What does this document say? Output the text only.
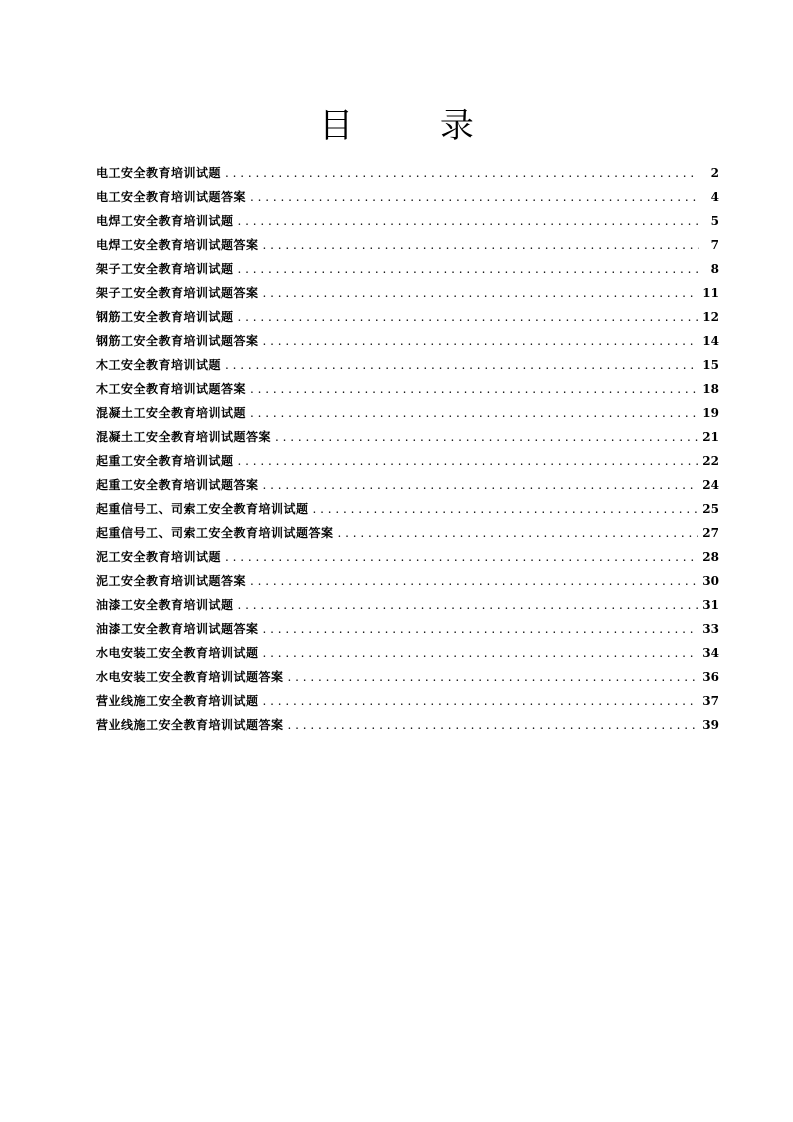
目 录
电工安全教育培训试题 . . .	2
电工安全教育培训试题答案 . . .	4
电焊工安全教育培训试题 . . .	5
电焊工安全教育培训试题答案 . . .	7
架子工安全教育培训试题 . . .	8
架子工安全教育培训试题答案 . . .	11
钢筋工安全教育培训试题 . . .	12
钢筋工安全教育培训试题答案 . . .	14
木工安全教育培训试题 . . .	15
木工安全教育培训试题答案 . . .	18
混凝土工安全教育培训试题 . . .	19
混凝土工安全教育培训试题答案 . . .	21
起重工安全教育培训试题 . . .	22
起重工安全教育培训试题答案 . . .	24
起重信号工、司索工安全教育培训试题 . . .	25
起重信号工、司索工安全教育培训试题答案 . . .	27
泥工安全教育培训试题 . . .	28
泥工安全教育培训试题答案 . . .	30
油漆工安全教育培训试题 . . .	31
油漆工安全教育培训试题答案 . . .	33
水电安装工安全教育培训试题 . . .	34
水电安装工安全教育培训试题答案 . . .	36
营业线施工安全教育培训试题 . . .	37
营业线施工安全教育培训试题答案 . . .	39
